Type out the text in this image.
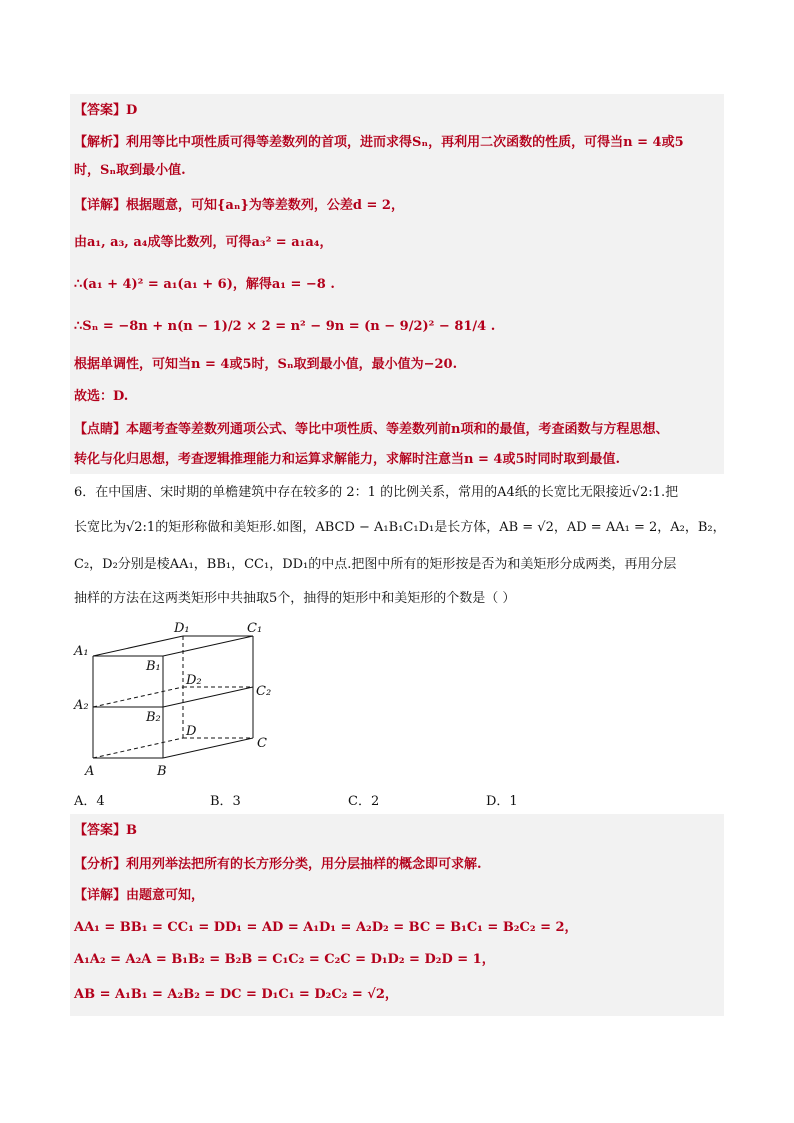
【答案】D
【解析】利用等比中项性质可得等差数列的首项，进而求得Sₙ，再利用二次函数的性质，可得当n = 4或5
时，Sₙ取到最小值.
【详解】根据题意，可知{aₙ}为等差数列，公差d = 2，
由a₁, a₃, a₄成等比数列，可得a₃² = a₁a₄，
∴(a₁ + 4)² = a₁(a₁ + 6)，解得a₁ = −8 .
∴Sₙ = −8n + n(n − 1)/2 × 2 = n² − 9n = (n − 9/2)² − 81/4 .
根据单调性，可知当n = 4或5时，Sₙ取到最小值，最小值为−20.
故选：D.
【点睛】本题考查等差数列通项公式、等比中项性质、等差数列前n项和的最值，考查函数与方程思想、
转化与化归思想，考查逻辑推理能力和运算求解能力，求解时注意当n = 4或5时同时取到最值.
6．在中国唐、宋时期的单檐建筑中存在较多的 2：1 的比例关系，常用的A4纸的长宽比无限接近√2:1.把
长宽比为√2:1的矩形称做和美矩形.如图，ABCD − A₁B₁C₁D₁是长方体，AB = √2，AD = AA₁ = 2，A₂，B₂，
C₂，D₂分别是棱AA₁，BB₁，CC₁，DD₁的中点.把图中所有的矩形按是否为和美矩形分成两类，再用分层
抽样的方法在这两类矩形中共抽取5个，抽得的矩形中和美矩形的个数是（ ）
A₁
D₁	C₁
B₁
D₂
C₂
A₂
B₂
D
C
A	B
A．4	B．3	C．2	D．1
【答案】B
【分析】利用列举法把所有的长方形分类，用分层抽样的概念即可求解.
【详解】由题意可知，
AA₁ = BB₁ = CC₁ = DD₁ = AD = A₁D₁ = A₂D₂ = BC = B₁C₁ = B₂C₂ = 2，
A₁A₂ = A₂A = B₁B₂ = B₂B = C₁C₂ = C₂C = D₁D₂ = D₂D = 1，
AB = A₁B₁ = A₂B₂ = DC = D₁C₁ = D₂C₂ = √2，
